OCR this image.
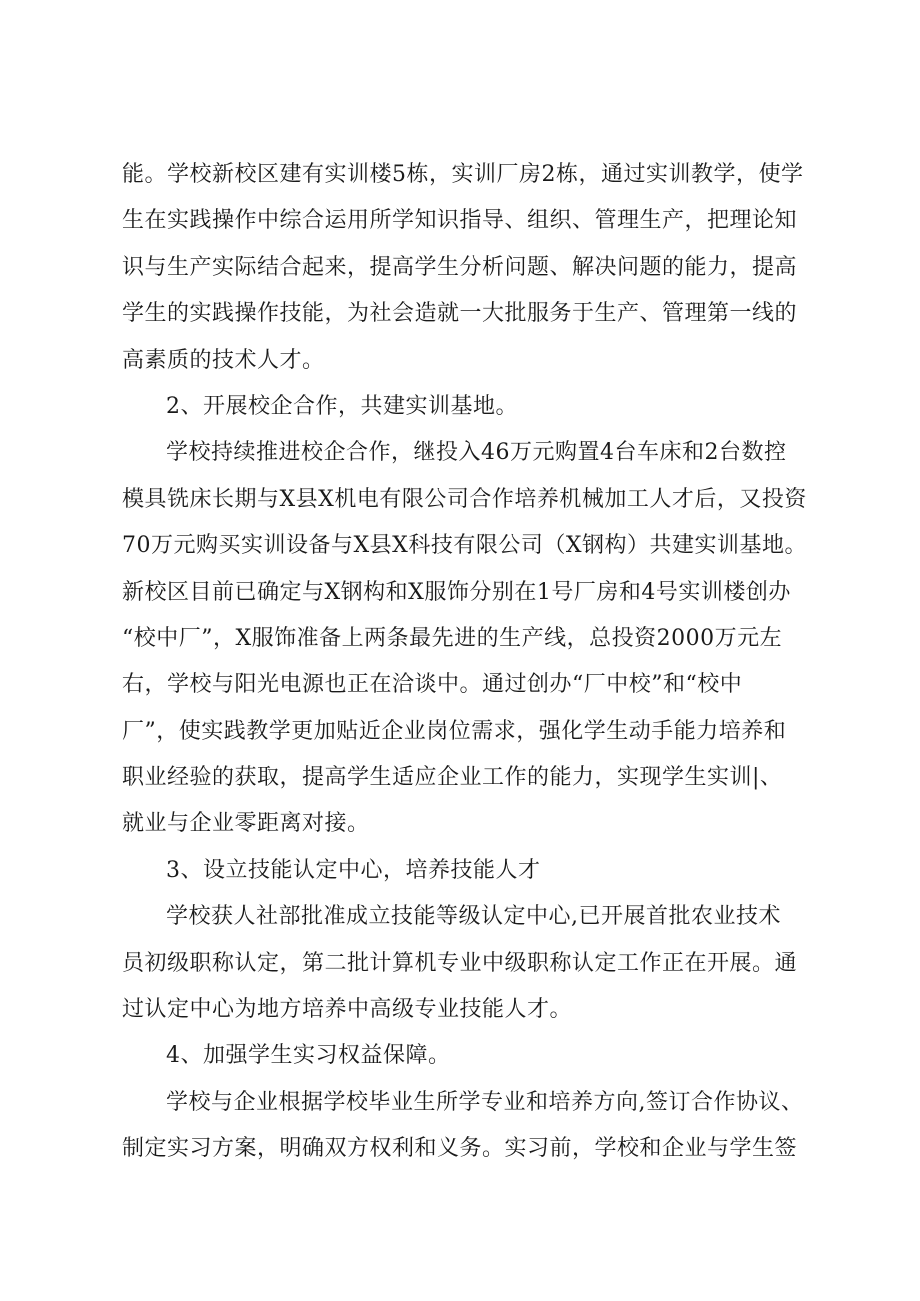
能。学校新校区建有实训楼5栋，实训厂房2栋，通过实训教学，使学
生在实践操作中综合运用所学知识指导、组织、管理生产，把理论知
识与生产实际结合起来，提高学生分析问题、解决问题的能力，提高
学生的实践操作技能，为社会造就一大批服务于生产、管理第一线的
高素质的技术人才。
2、开展校企合作，共建实训基地。
学校持续推进校企合作，继投入46万元购置4台车床和2台数控
模具铣床长期与X县X机电有限公司合作培养机械加工人才后，又投资
70万元购买实训设备与X县X科技有限公司（X钢构）共建实训基地。
新校区目前已确定与X钢构和X服饰分别在1号厂房和4号实训楼创办
“校中厂”，X服饰准备上两条最先进的生产线，总投资2000万元左
右，学校与阳光电源也正在洽谈中。通过创办“厂中校”和“校中
厂”，使实践教学更加贴近企业岗位需求，强化学生动手能力培养和
职业经验的获取，提高学生适应企业工作的能力，实现学生实训|、
就业与企业零距离对接。
3、设立技能认定中心，培养技能人才
学校获人社部批准成立技能等级认定中心,已开展首批农业技术
员初级职称认定，第二批计算机专业中级职称认定工作正在开展。通
过认定中心为地方培养中高级专业技能人才。
4、加强学生实习权益保障。
学校与企业根据学校毕业生所学专业和培养方向,签订合作协议、
制定实习方案，明确双方权利和义务。实习前，学校和企业与学生签
